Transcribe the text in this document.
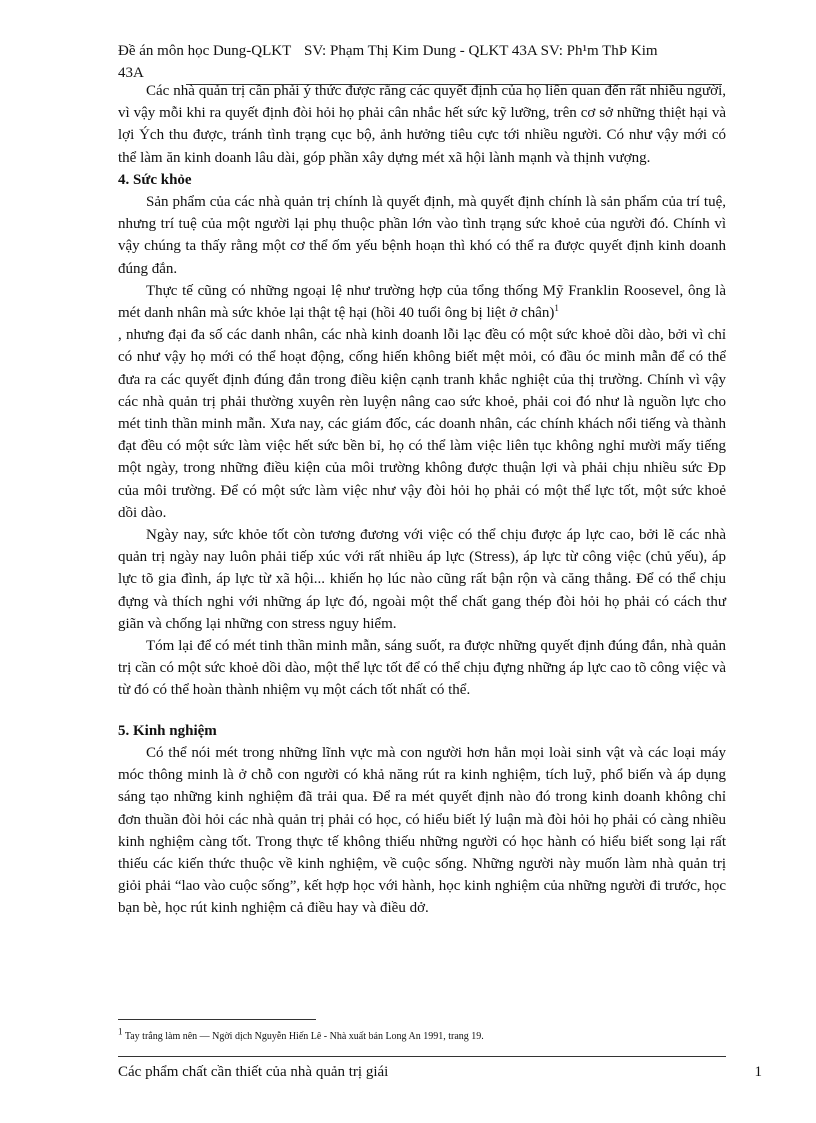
Đề án môn học Dung-QLKT 43A
SV: Phạm Thị Kim Dung - QLKT 43A SV: Ph¹m ThÞ Kim

Các nhà quản trị cần phải ý thức được rằng các quyết định của họ liên quan đến rất nhiều người, vì vậy mỗi khi ra quyết định đòi hỏi họ phải cân nhắc hết sức kỹ lưỡng, trên cơ sở những thiệt hại và lợi Ých thu được, tránh tình trạng cục bộ, ảnh hưởng tiêu cực tới nhiều người. Có như vậy mới có thể làm ăn kinh doanh lâu dài, góp phần xây dựng mét xã hội lành mạnh và thịnh vượng.

4. Sức khỏe

Sản phẩm của các nhà quản trị chính là quyết định, mà quyết định chính là sản phẩm của trí tuệ, nhưng trí tuệ của một người lại phụ thuộc phần lớn vào tình trạng sức khoẻ của người đó. Chính vì vậy chúng ta thấy rằng một cơ thể ốm yếu bệnh hoạn thì khó có thể ra được quyết định kinh doanh đúng đắn.

Thực tế cũng có những ngoại lệ như trường hợp của tổng thống Mỹ Franklin Roosevel, ông là mét danh nhân mà sức khỏe lại thật tệ hại (hồi 40 tuổi ông bị liệt ở chân)$^1$
, nhưng đại đa số các danh nhân, các nhà kinh doanh lỗi lạc đều có một sức khoẻ dồi dào, bởi vì chỉ có như vậy họ mới có thể hoạt động, cống hiến không biết mệt mỏi, có đầu óc minh mẫn để có thể đưa ra các quyết định đúng đắn trong điều kiện cạnh tranh khắc nghiệt của thị trường. Chính vì vậy các nhà quản trị phải thường xuyên rèn luyện nâng cao sức khoẻ, phải coi đó như là nguồn lực cho mét tinh thần minh mẫn. Xưa nay, các giám đốc, các doanh nhân, các chính khách nổi tiếng và thành đạt đều có một sức làm việc hết sức bền bỉ, họ có thể làm việc liên tục không nghỉ mười mấy tiếng một ngày, trong những điều kiện của môi trường không được thuận lợi và phải chịu nhiều sức Ðp của môi trường. Để có một sức làm việc như vậy đòi hỏi họ phải có một thể lực tốt, một sức khoẻ dồi dào.

Ngày nay, sức khỏe tốt còn tương đương với việc có thể chịu được áp lực cao, bởi lẽ các nhà quản trị ngày nay luôn phải tiếp xúc với rất nhiều áp lực (Stress), áp lực từ công việc (chủ yếu), áp lực tõ gia đình, áp lực từ xã hội... khiến họ lúc nào cũng rất bận rộn và căng thẳng. Để có thể chịu đựng và thích nghi với những áp lực đó, ngoài một thể chất gang thép đòi hỏi họ phải có cách thư giãn và chống lại những con stress nguy hiểm.

Tóm lại để có mét tinh thần minh mẫn, sáng suốt, ra được những quyết định đúng đắn, nhà quản trị cần có một sức khoẻ dồi dào, một thể lực tốt để có thể chịu đựng những áp lực cao tõ công việc và từ đó có thể hoàn thành nhiệm vụ một cách tốt nhất có thể.

5. Kinh nghiệm

Có thể nói mét trong những lĩnh vực mà con người hơn hẳn mọi loài sinh vật và các loại máy móc thông minh là ở chỗ con người có khả năng rút ra kinh nghiệm, tích luỹ, phổ biến và áp dụng sáng tạo những kinh nghiệm đã trải qua. Để ra mét quyết định nào đó trong kinh doanh không chỉ đơn thuần đòi hỏi các nhà quản trị phải có học, có hiểu biết lý luận mà đòi hỏi họ phải có càng nhiều kinh nghiệm càng tốt. Trong thực tế không thiếu những người có học hành có hiểu biết song lại rất thiếu các kiến thức thuộc về kinh nghiệm, về cuộc sống. Những người này muốn làm nhà quản trị giỏi phải “lao vào cuộc sống”, kết hợp học với hành, học kinh nghiệm của những người đi trước, học bạn bè, học rút kinh nghiệm cả điều hay và điều dở.

$^1$ Tay trắng làm nên — Ngời dịch Nguyễn Hiến Lê - Nhà xuất bản Long An 1991, trang 19.
Các phẩm chất cần thiết của nhà quản trị giái	1
